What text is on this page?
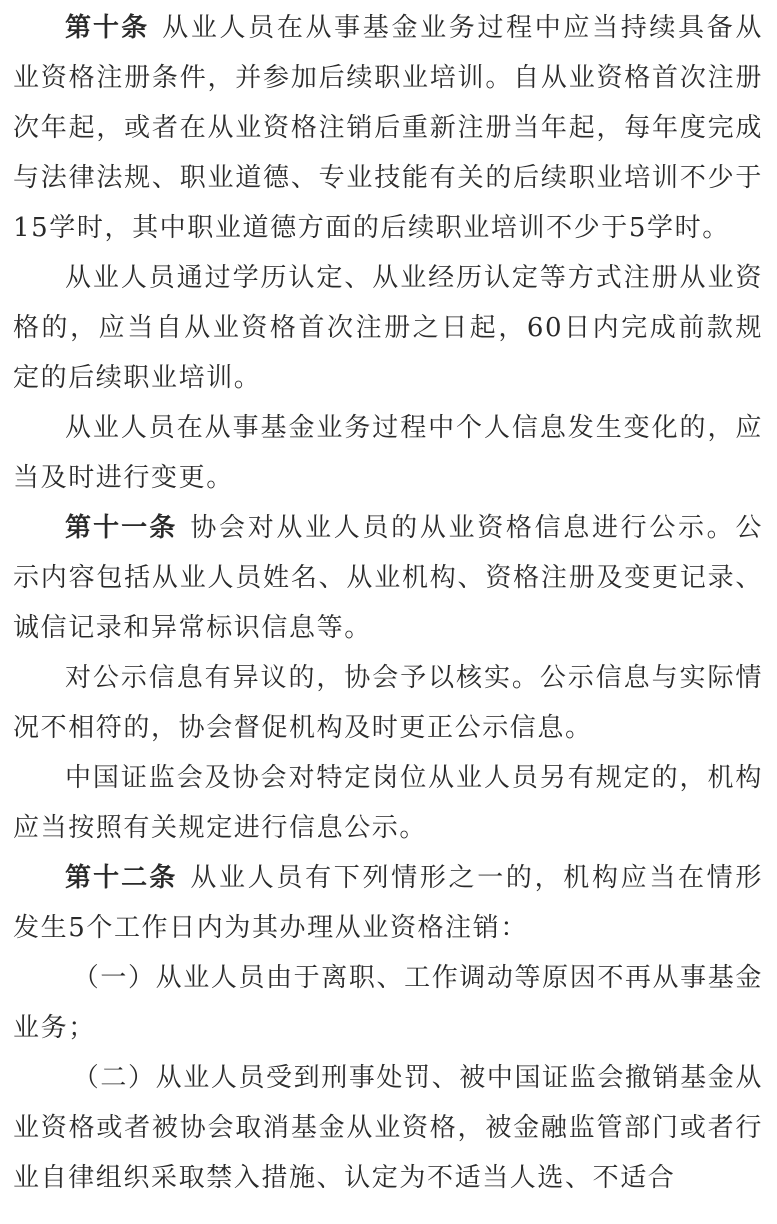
第十条 从业人员在从事基金业务过程中应当持续具备从业资格注册条件，并参加后续职业培训。自从业资格首次注册次年起，或者在从业资格注销后重新注册当年起，每年度完成与法律法规、职业道德、专业技能有关的后续职业培训不少于15学时，其中职业道德方面的后续职业培训不少于5学时。

从业人员通过学历认定、从业经历认定等方式注册从业资格的，应当自从业资格首次注册之日起，60日内完成前款规定的后续职业培训。

从业人员在从事基金业务过程中个人信息发生变化的，应当及时进行变更。

第十一条 协会对从业人员的从业资格信息进行公示。公示内容包括从业人员姓名、从业机构、资格注册及变更记录、诚信记录和异常标识信息等。

对公示信息有异议的，协会予以核实。公示信息与实际情况不相符的，协会督促机构及时更正公示信息。

中国证监会及协会对特定岗位从业人员另有规定的，机构应当按照有关规定进行信息公示。

第十二条 从业人员有下列情形之一的，机构应当在情形发生5个工作日内为其办理从业资格注销：

（一）从业人员由于离职、工作调动等原因不再从事基金业务；

（二）从业人员受到刑事处罚、被中国证监会撤销基金从业资格或者被协会取消基金从业资格，被金融监管部门或者行业自律组织采取禁入措施、认定为不适当人选、不适合
